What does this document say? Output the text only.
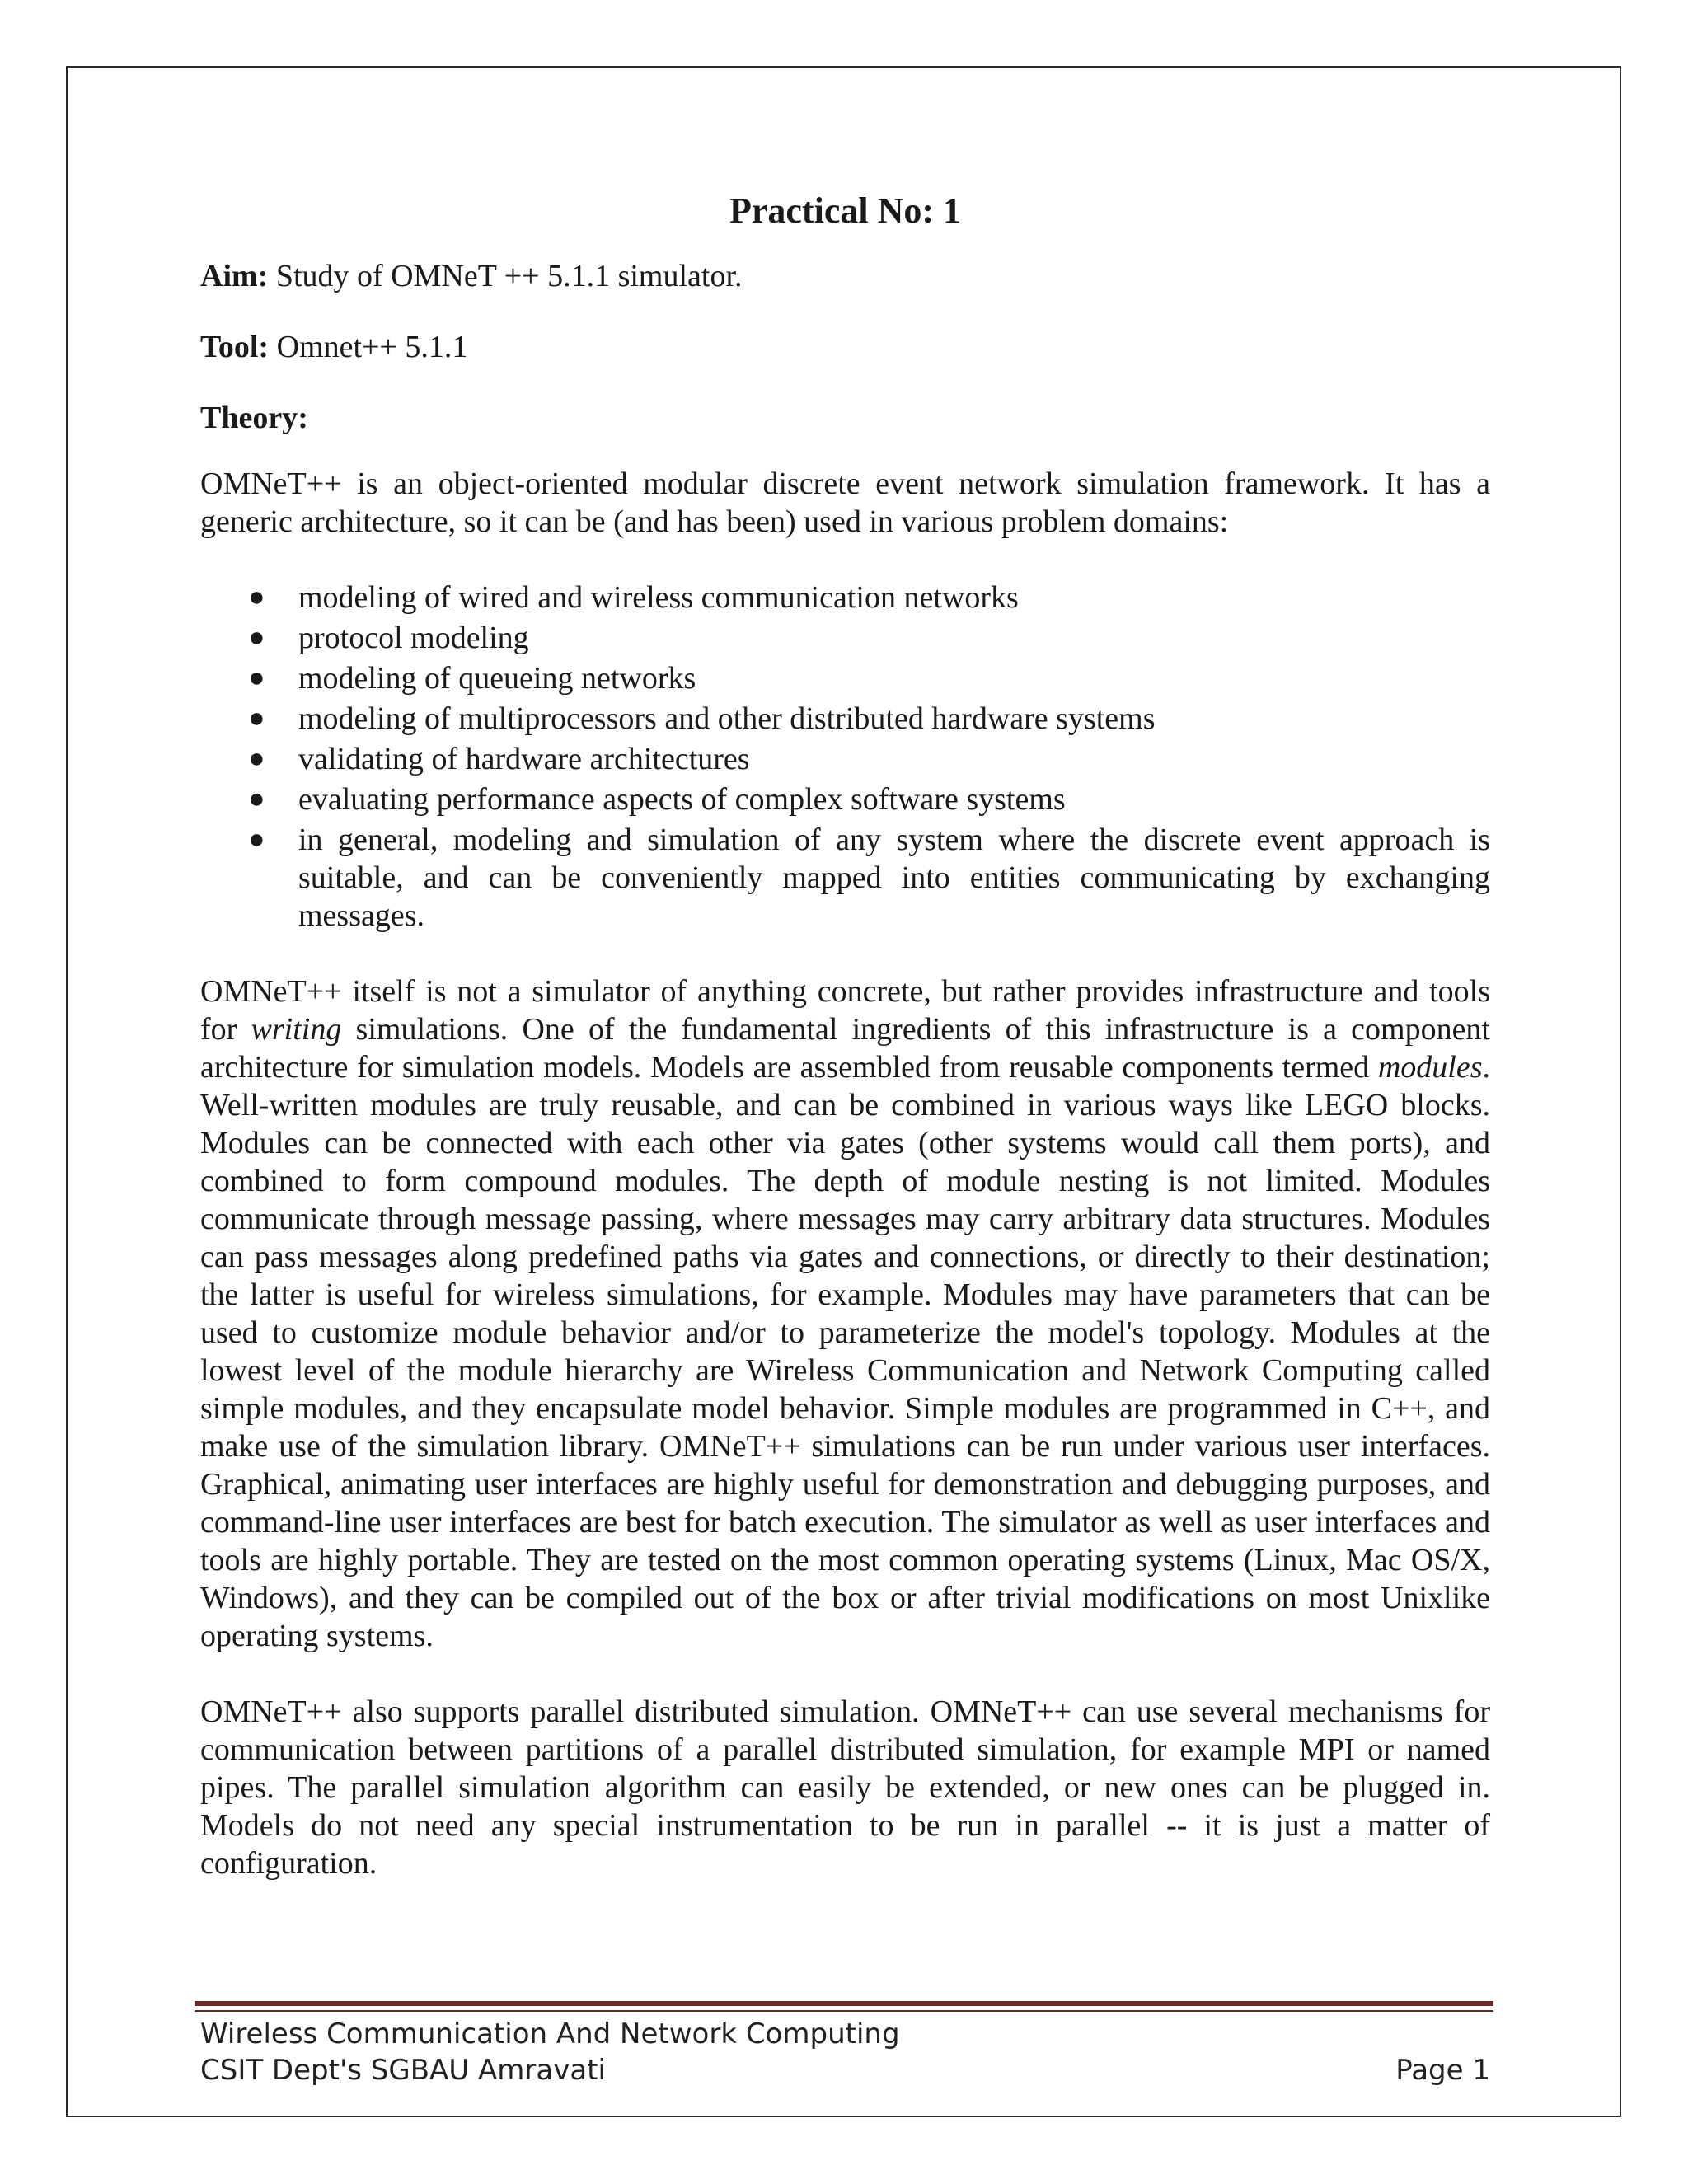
Practical No: 1
Aim: Study of OMNeT ++ 5.1.1 simulator.
Tool: Omnet++ 5.1.1
Theory:

OMNeT++ is an object-oriented modular discrete event network simulation framework. It has a generic architecture, so it can be (and has been) used in various problem domains:

● modeling of wired and wireless communication networks
● protocol modeling
● modeling of queueing networks
● modeling of multiprocessors and other distributed hardware systems
● validating of hardware architectures
● evaluating performance aspects of complex software systems
● in general, modeling and simulation of any system where the discrete event approach is suitable, and can be conveniently mapped into entities communicating by exchanging messages.

OMNeT++ itself is not a simulator of anything concrete, but rather provides infrastructure and tools for writing simulations. One of the fundamental ingredients of this infrastructure is a component architecture for simulation models. Models are assembled from reusable components termed modules. Well-written modules are truly reusable, and can be combined in various ways like LEGO blocks. Modules can be connected with each other via gates (other systems would call them ports), and combined to form compound modules. The depth of module nesting is not limited. Modules communicate through message passing, where messages may carry arbitrary data structures. Modules can pass messages along predefined paths via gates and connections, or directly to their destination; the latter is useful for wireless simulations, for example. Modules may have parameters that can be used to customize module behavior and/or to parameterize the model's topology. Modules at the lowest level of the module hierarchy are Wireless Communication and Network Computing called simple modules, and they encapsulate model behavior. Simple modules are programmed in C++, and make use of the simulation library. OMNeT++ simulations can be run under various user interfaces. Graphical, animating user interfaces are highly useful for demonstration and debugging purposes, and command-line user interfaces are best for batch execution. The simulator as well as user interfaces and tools are highly portable. They are tested on the most common operating systems (Linux, Mac OS/X, Windows), and they can be compiled out of the box or after trivial modifications on most Unixlike operating systems.

OMNeT++ also supports parallel distributed simulation. OMNeT++ can use several mechanisms for communication between partitions of a parallel distributed simulation, for example MPI or named pipes. The parallel simulation algorithm can easily be extended, or new ones can be plugged in. Models do not need any special instrumentation to be run in parallel -- it is just a matter of configuration.

Wireless Communication And Network Computing
CSIT Dept's SGBAU Amravati	Page 1
